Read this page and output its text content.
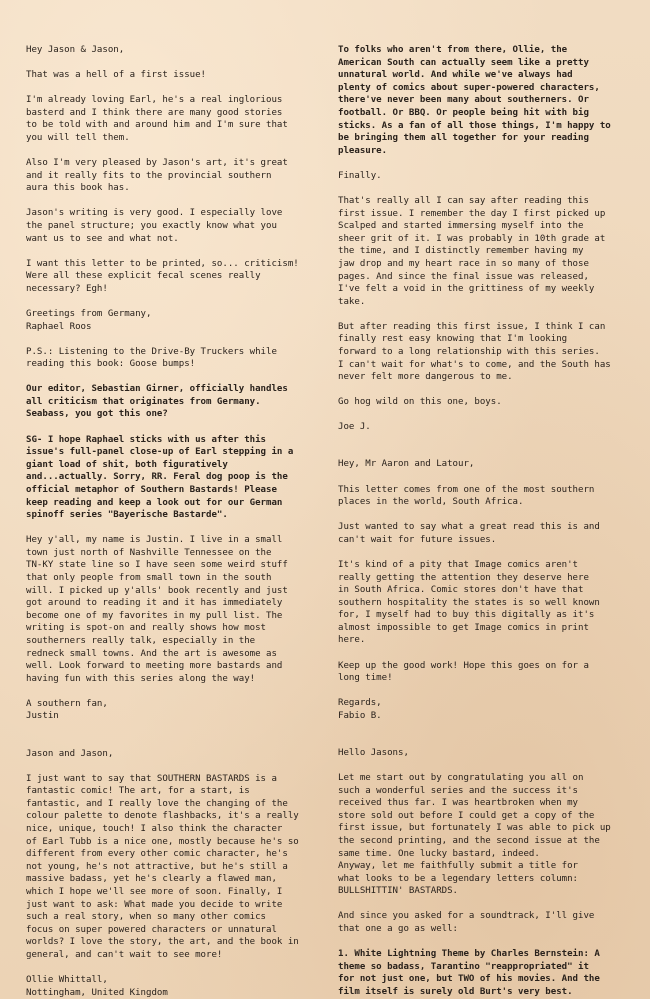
Hey Jason & Jason,

That was a hell of a first issue!

I'm already loving Earl, he's a real inglorious
basterd and I think there are many good stories
to be told with and around him and I'm sure that
you will tell them.

Also I'm very pleased by Jason's art, it's great
and it really fits to the provincial southern
aura this book has.

Jason's writing is very good. I especially love
the panel structure; you exactly know what you
want us to see and what not.

I want this letter to be printed, so... criticism!
Were all these explicit fecal scenes really
necessary? Egh!

Greetings from Germany,
Raphael Roos

P.S.: Listening to the Drive-By Truckers while
reading this book: Goose bumps!

Our editor, Sebastian Girner, officially handles
all criticism that originates from Germany.
Seabass, you got this one?

SG- I hope Raphael sticks with us after this
issue's full-panel close-up of Earl stepping in a
giant load of shit, both figuratively
and...actually. Sorry, RR. Feral dog poop is the
official metaphor of Southern Bastards! Please
keep reading and keep a look out for our German
spinoff series "Bayerische Bastarde".

Hey y'all, my name is Justin. I live in a small
town just north of Nashville Tennessee on the
TN-KY state line so I have seen some weird stuff
that only people from small town in the south
will. I picked up y'alls' book recently and just
got around to reading it and it has immediately
become one of my favorites in my pull list. The
writing is spot-on and really shows how most
southerners really talk, especially in the
redneck small towns. And the art is awesome as
well. Look forward to meeting more bastards and
having fun with this series along the way!

A southern fan,
Justin

Jason and Jason,

I just want to say that SOUTHERN BASTARDS is a
fantastic comic! The art, for a start, is
fantastic, and I really love the changing of the
colour palette to denote flashbacks, it's a really
nice, unique, touch! I also think the character
of Earl Tubb is a nice one, mostly because he's so
different from every other comic character, he's
not young, he's not attractive, but he's still a
massive badass, yet he's clearly a flawed man,
which I hope we'll see more of soon. Finally, I
just want to ask: What made you decide to write
such a real story, when so many other comics
focus on super powered characters or unnatural
worlds? I love the story, the art, and the book in
general, and can't wait to see more!

Ollie Whittall,
Nottingham, United Kingdom

To folks who aren't from there, Ollie, the
American South can actually seem like a pretty
unnatural world. And while we've always had
plenty of comics about super-powered characters,
there've never been many about southerners. Or
football. Or BBQ. Or people being hit with big
sticks. As a fan of all those things, I'm happy to
be bringing them all together for your reading
pleasure.

Finally.

That's really all I can say after reading this
first issue. I remember the day I first picked up
Scalped and started immersing myself into the
sheer grit of it. I was probably in 10th grade at
the time, and I distinctly remember having my
jaw drop and my heart race in so many of those
pages. And since the final issue was released,
I've felt a void in the grittiness of my weekly
take.

But after reading this first issue, I think I can
finally rest easy knowing that I'm looking
forward to a long relationship with this series.
I can't wait for what's to come, and the South has
never felt more dangerous to me.

Go hog wild on this one, boys.

Joe J.

Hey, Mr Aaron and Latour,

This letter comes from one of the most southern
places in the world, South Africa.

Just wanted to say what a great read this is and
can't wait for future issues.

It's kind of a pity that Image comics aren't
really getting the attention they deserve here
in South Africa. Comic stores don't have that
southern hospitality the states is so well known
for, I myself had to buy this digitally as it's
almost impossible to get Image comics in print
here.

Keep up the good work! Hope this goes on for a
long time!

Regards,
Fabio B.

Hello Jasons,

Let me start out by congratulating you all on
such a wonderful series and the success it's
received thus far. I was heartbroken when my
store sold out before I could get a copy of the
first issue, but fortunately I was able to pick up
the second printing, and the second issue at the
same time. One lucky bastard, indeed.
Anyway, let me faithfully submit a title for
what looks to be a legendary letters column:
BULLSHITTIN' BASTARDS.

And since you asked for a soundtrack, I'll give
that one a go as well:

1. White Lightning Theme by Charles Bernstein: A
theme so badass, Tarantino "reappropriated" it
for not just one, but TWO of his movies. And the
film itself is surely old Burt's very best.
